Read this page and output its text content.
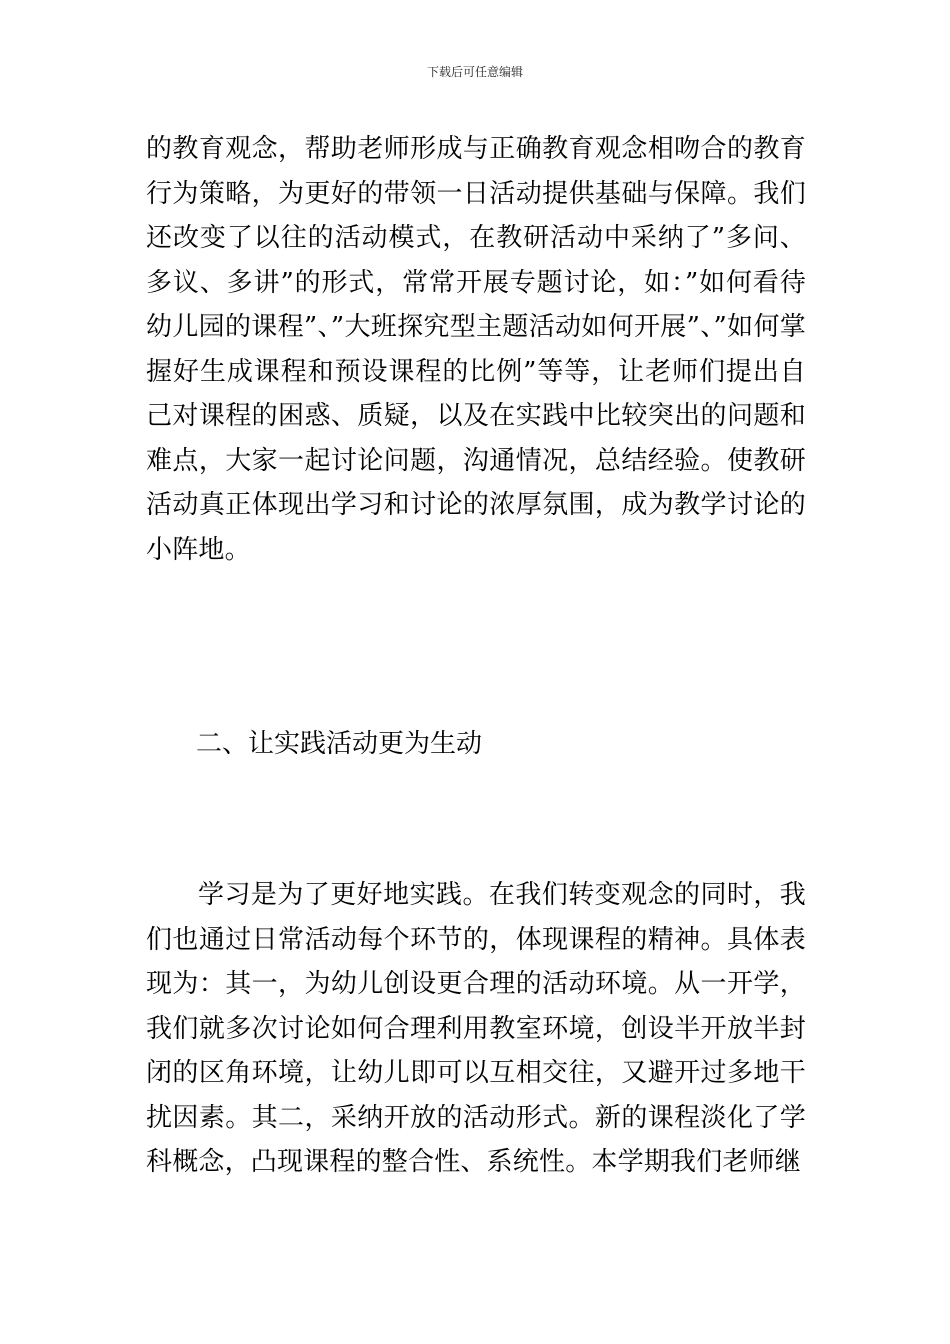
下载后可任意编辑

的教育观念，帮助老师形成与正确教育观念相吻合的教育行为策略，为更好的带领一日活动提供基础与保障。我们还改变了以往的活动模式，在教研活动中采纳了”多问、多议、多讲”的形式，常常开展专题讨论，如：”如何看待幼儿园的课程”、”大班探究型主题活动如何开展”、”如何掌握好生成课程和预设课程的比例”等等，让老师们提出自己对课程的困惑、质疑，以及在实践中比较突出的问题和难点，大家一起讨论问题，沟通情况，总结经验。使教研活动真正体现出学习和讨论的浓厚氛围，成为教学讨论的小阵地。

二、让实践活动更为生动

学习是为了更好地实践。在我们转变观念的同时，我们也通过日常活动每个环节的，体现课程的精神。具体表现为：其一，为幼儿创设更合理的活动环境。从一开学，我们就多次讨论如何合理利用教室环境，创设半开放半封闭的区角环境，让幼儿即可以互相交往，又避开过多地干扰因素。其二，采纳开放的活动形式。新的课程淡化了学科概念，凸现课程的整合性、系统性。本学期我们老师继
